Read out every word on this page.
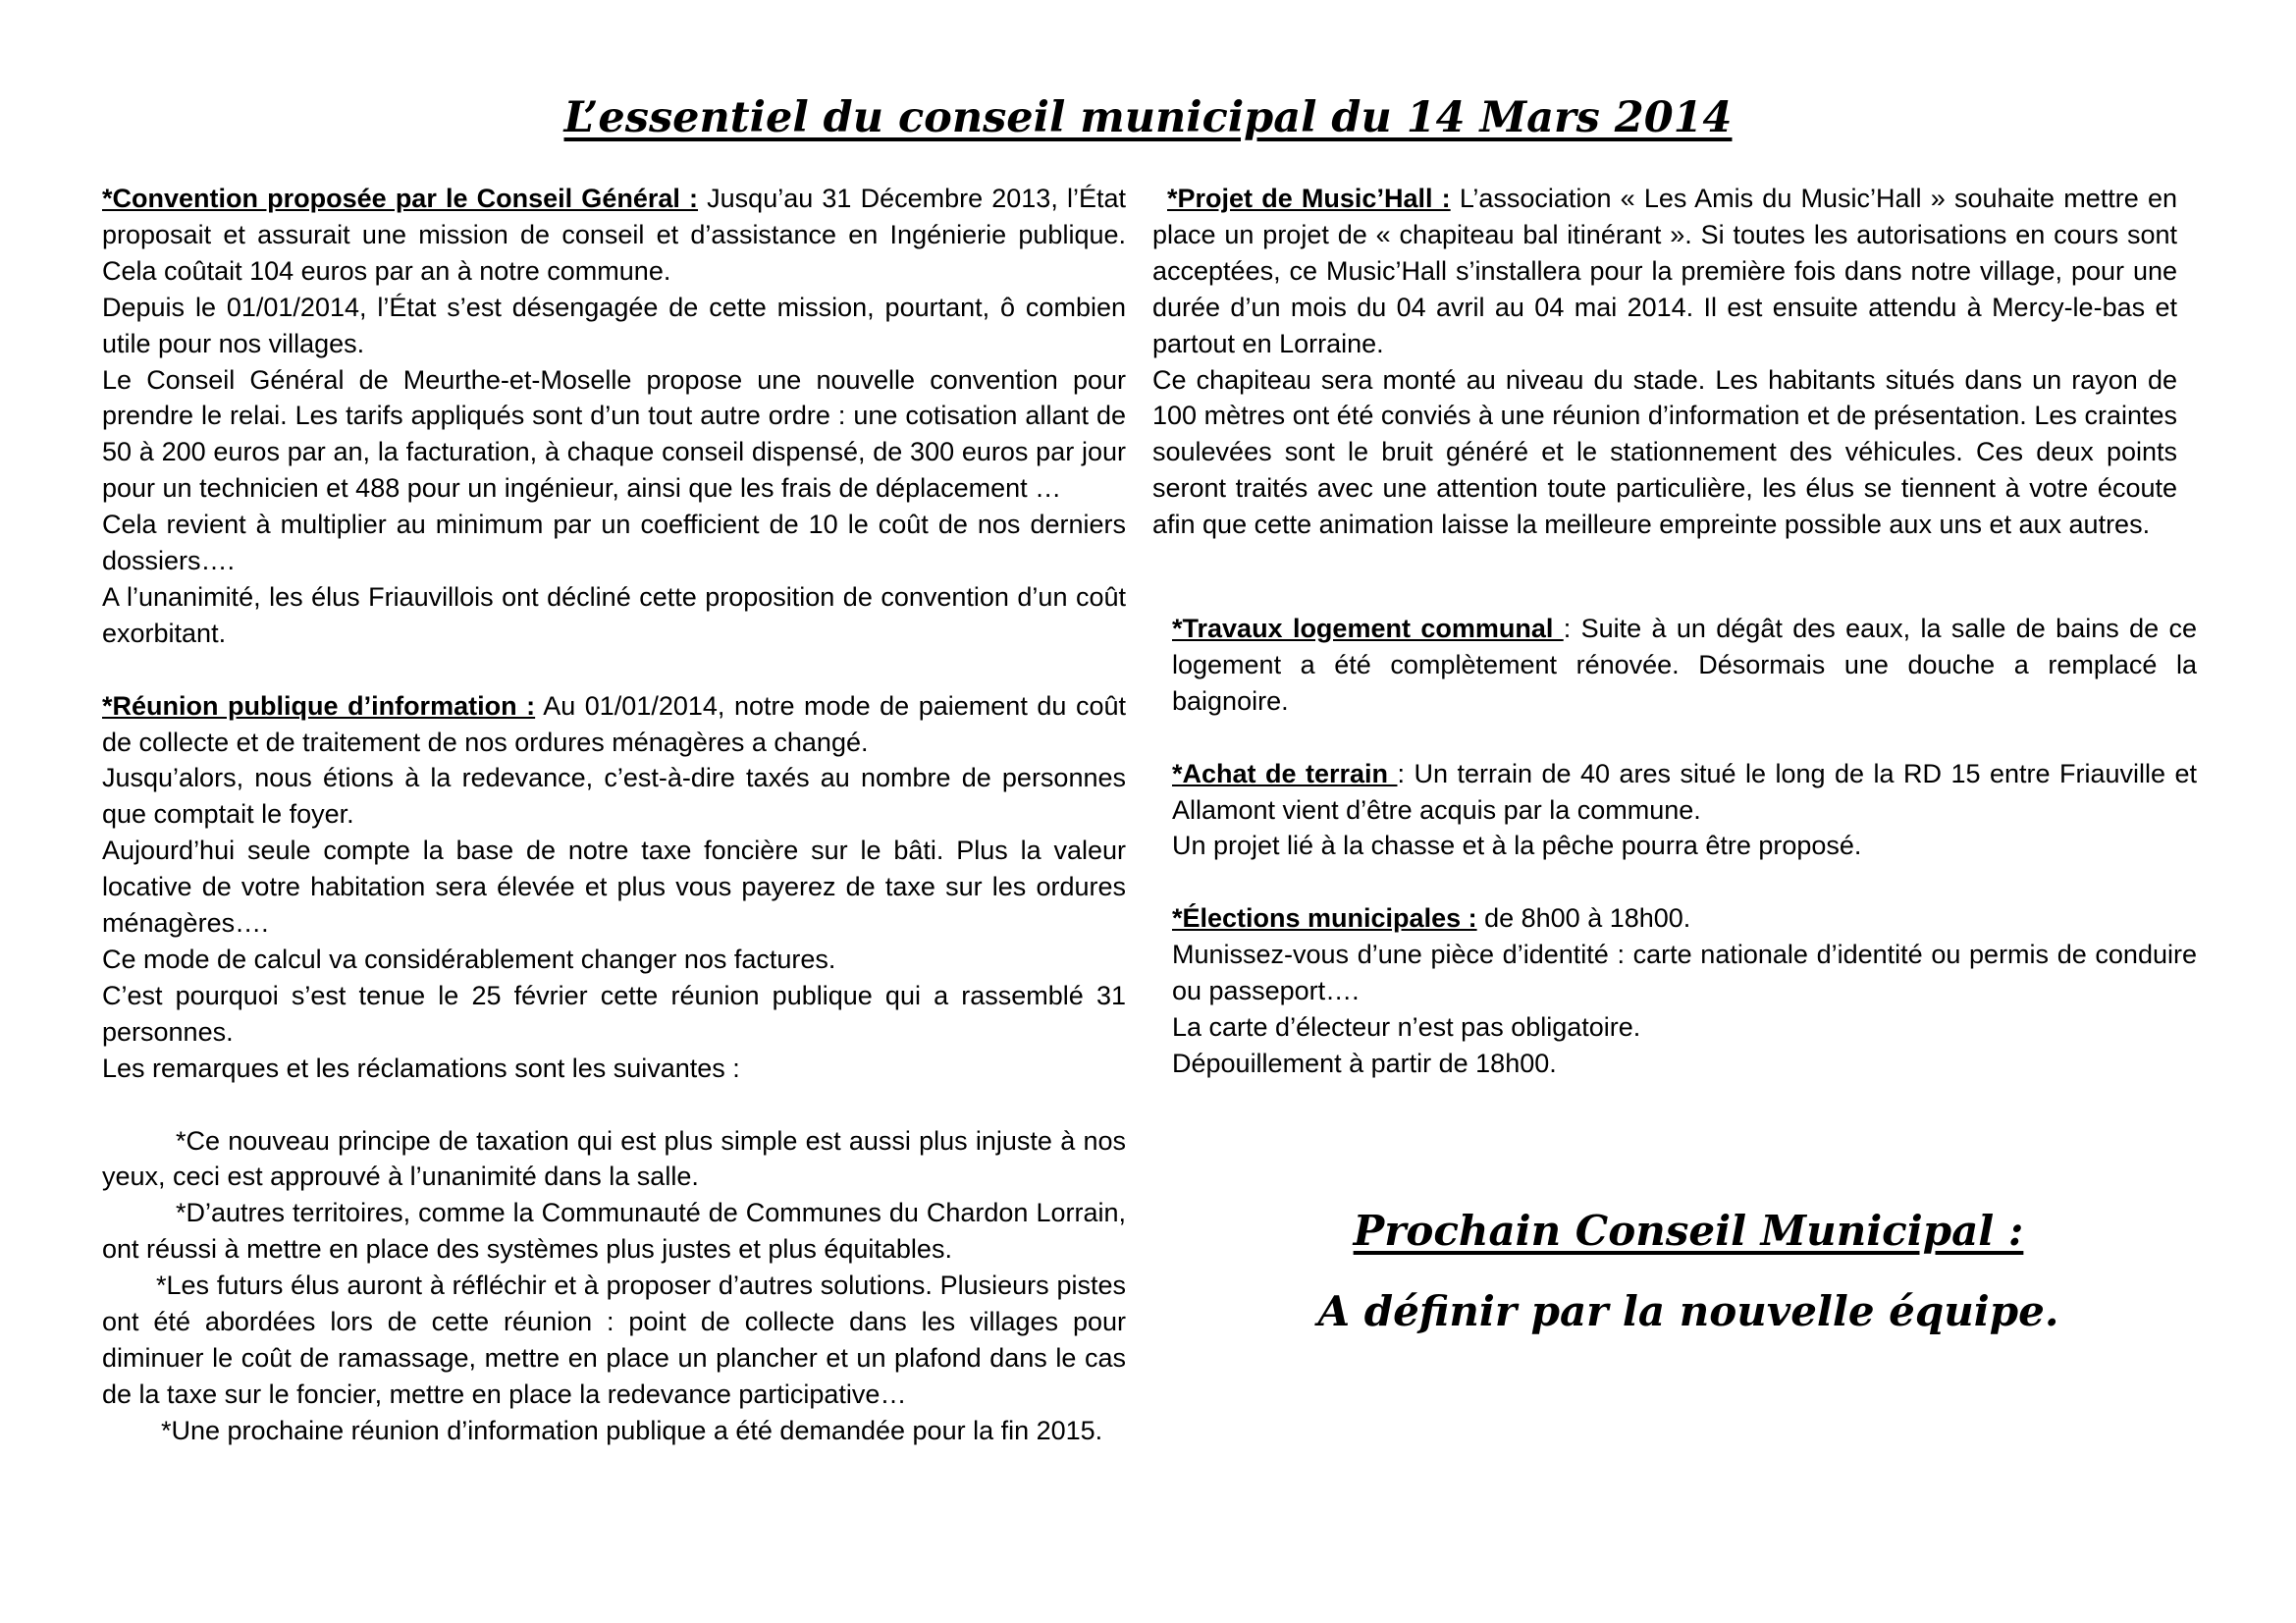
L’essentiel du conseil municipal du 14 Mars 2014

*Convention proposée par le Conseil Général : Jusqu’au 31 Décembre 2013, l’État proposait et assurait une mission de conseil et d’assistance en Ingénierie publique. Cela coûtait 104 euros par an à notre commune.

Depuis le 01/01/2014, l’État s’est désengagée de cette mission, pourtant, ô combien utile pour nos villages.

Le Conseil Général de Meurthe-et-Moselle propose une nouvelle convention pour prendre le relai. Les tarifs appliqués sont d’un tout autre ordre : une cotisation allant de 50 à 200 euros par an, la facturation, à chaque conseil dispensé, de 300 euros par jour pour un technicien et 488 pour un ingénieur, ainsi que les frais de déplacement …

Cela revient à multiplier au minimum par un coefficient de 10 le coût de nos derniers dossiers….

A l’unanimité, les élus Friauvillois ont décliné cette proposition de convention d’un coût exorbitant.

*Réunion publique d’information : Au 01/01/2014, notre mode de paiement du coût de collecte et de traitement de nos ordures ménagères a changé.

Jusqu’alors, nous étions à la redevance, c’est-à-dire taxés au nombre de personnes que comptait le foyer.

Aujourd’hui seule compte la base de notre taxe foncière sur le bâti. Plus la valeur locative de votre habitation sera élevée et plus vous payerez de taxe sur les ordures ménagères….

Ce mode de calcul va considérablement changer nos factures.

C’est pourquoi s’est tenue le 25 février cette réunion publique qui a rassemblé 31 personnes.

Les remarques et les réclamations sont les suivantes :

*Ce nouveau principe de taxation qui est plus simple est aussi plus injuste à nos yeux, ceci est approuvé à l’unanimité dans la salle.

*D’autres territoires, comme la Communauté de Communes du Chardon Lorrain, ont réussi à mettre en place des systèmes plus justes et plus équitables.

*Les futurs élus auront à réfléchir et à proposer d’autres solutions. Plusieurs pistes ont été abordées lors de cette réunion : point de collecte dans les villages pour diminuer le coût de ramassage, mettre en place un plancher et un plafond dans le cas de la taxe sur le foncier, mettre en place la redevance participative…

*Une prochaine réunion d’information publique a été demandée pour la fin 2015.

*Projet de Music’Hall : L’association « Les Amis du Music’Hall » souhaite mettre en place un projet de « chapiteau bal itinérant ». Si toutes les autorisations en cours sont acceptées, ce Music’Hall s’installera pour la première fois dans notre village, pour une durée d’un mois du 04 avril au 04 mai 2014. Il est ensuite attendu à Mercy-le-bas et partout en Lorraine.

Ce chapiteau sera monté au niveau du stade. Les habitants situés dans un rayon de 100 mètres ont été conviés à une réunion d’information et de présentation. Les craintes soulevées sont le bruit généré et le stationnement des véhicules. Ces deux points seront traités avec une attention toute particulière, les élus se tiennent à votre écoute afin que cette animation laisse la meilleure empreinte possible aux uns et aux autres.

*Travaux logement communal : Suite à un dégât des eaux, la salle de bains de ce logement a été complètement rénovée. Désormais une douche a remplacé la baignoire.

*Achat de terrain : Un terrain de 40 ares situé le long de la RD 15 entre Friauville et Allamont vient d’être acquis par la commune.

Un projet lié à la chasse et à la pêche pourra être proposé.

*Élections municipales : de 8h00 à 18h00.

Munissez-vous d’une pièce d’identité : carte nationale d’identité ou permis de conduire ou passeport….

La carte d’électeur n’est pas obligatoire.

Dépouillement à partir de 18h00.

Prochain Conseil Municipal :

A définir par la nouvelle équipe.
